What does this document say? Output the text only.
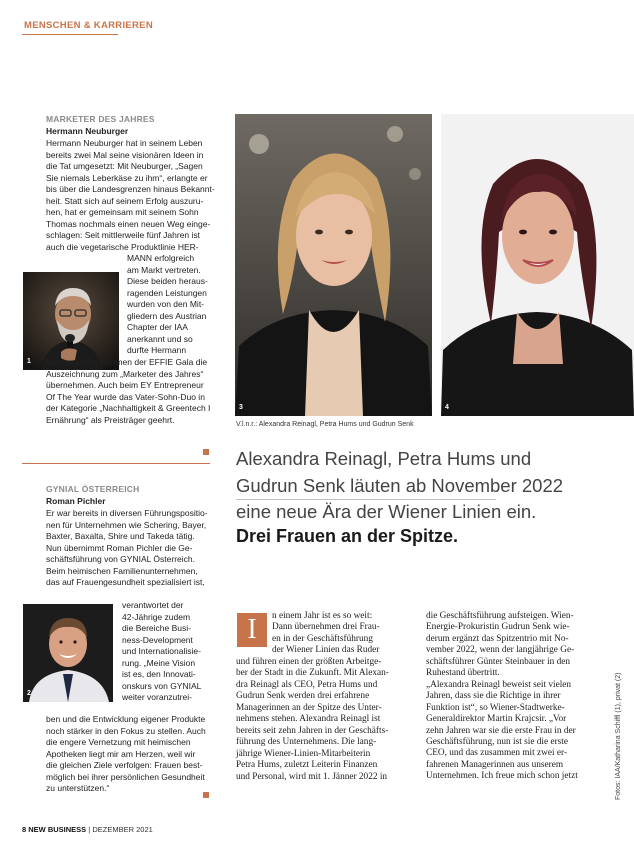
MENSCHEN & KARRIEREN
MARKETER DES JAHRES
Hermann Neuburger
Hermann Neuburger hat in seinem Leben
bereits zwei Mal seine visionären Ideen in
die Tat umgesetzt: Mit Neuburger, „Sagen
Sie niemals Leberkäse zu ihm“, erlangte er
bis über die Landesgrenzen hinaus Bekannt-
heit. Statt sich auf seinem Erfolg auszuru-
hen, hat er gemeinsam mit seinem Sohn
Thomas nochmals einen neuen Weg einge-
schlagen: Seit mittlerweile fünf Jahren ist
auch die vegetarische Produktlinie HER-
1
MANN erfolgreich
am Markt vertreten.
Diese beiden heraus-
ragenden Leistungen
wurden von den Mit-
gliedern des Austrian
Chapter der IAA
anerkannt und so
durfte Hermann
Neuburger im Rahmen der EFFIE Gala die
Auszeichnung zum „Marketer des Jahres“
übernehmen. Auch beim EY Entrepreneur
Of The Year wurde das Vater-Sohn-Duo in
der Kategorie „Nachhaltigkeit & Greentech I
Ernährung“ als Preisträger geehrt.
GYNIAL ÖSTERREICH
Roman Pichler
Er war bereits in diversen Führungspositio-
nen für Unternehmen wie Schering, Bayer,
Baxter, Baxalta, Shire und Takeda tätig.
Nun übernimmt Roman Pichler die Ge-
schäftsführung von GYNIAL Österreich.
Beim heimischen Familienunternehmen,
das auf Frauengesundheit spezialisiert ist,
2
verantwortet der
42-Jährige zudem
die Bereiche Busi-
ness-Development
und Internationalisie-
rung. „Meine Vision
ist es, den Innovati-
onskurs von GYNIAL
weiter voranzutrei-
ben und die Entwicklung eigener Produkte
noch stärker in den Fokus zu stellen. Auch
die engere Vernetzung mit heimischen
Apotheken liegt mir am Herzen, weil wir
die gleichen Ziele verfolgen: Frauen best-
möglich bei ihrer persönlichen Gesundheit
zu unterstützen.“
3	4
V.l.n.r.: Alexandra Reinagl, Petra Hums und Gudrun Senk
Alexandra Reinagl, Petra Hums und
Gudrun Senk läuten ab November 2022
eine neue Ära der Wiener Linien ein.
Drei Frauen an der Spitze.
I	n einem Jahr ist es so weit:
Dann übernehmen drei Frau-
en in der Geschäftsführung
der Wiener Linien das Ruder
und führen einen der größten Arbeitge-
ber der Stadt in die Zukunft. Mit Alexan-
dra Reinagl als CEO, Petra Hums und
Gudrun Senk werden drei erfahrene
Managerinnen an der Spitze des Unter-
nehmens stehen. Alexandra Reinagl ist
bereits seit zehn Jahren in der Geschäfts-
führung des Unternehmens. Die lang-
jährige Wiener-Linien-Mitarbeiterin
Petra Hums, zuletzt Leiterin Finanzen
und Personal, wird mit 1. Jänner 2022 in
die Geschäftsführung aufsteigen. Wien-
Energie-Prokuristin Gudrun Senk wie-
derum ergänzt das Spitzentrio mit No-
vember 2022, wenn der langjährige Ge-
schäftsführer Günter Steinbauer in den
Ruhestand übertritt.
„Alexandra Reinagl beweist seit vielen
Jahren, dass sie die Richtige in ihrer
Funktion ist“, so Wiener-Stadtwerke-
Generaldirektor Martin Krajcsir. „Vor
zehn Jahren war sie die erste Frau in der
Geschäftsführung, nun ist sie die erste
CEO, und das zusammen mit zwei er-
fahrenen Managerinnen aus unserem
Unternehmen. Ich freue mich schon jetzt	Fotos: IAA/Katharina Schiffl (1), privat (2)
8 NEW BUSINESS | DEZEMBER 2021
